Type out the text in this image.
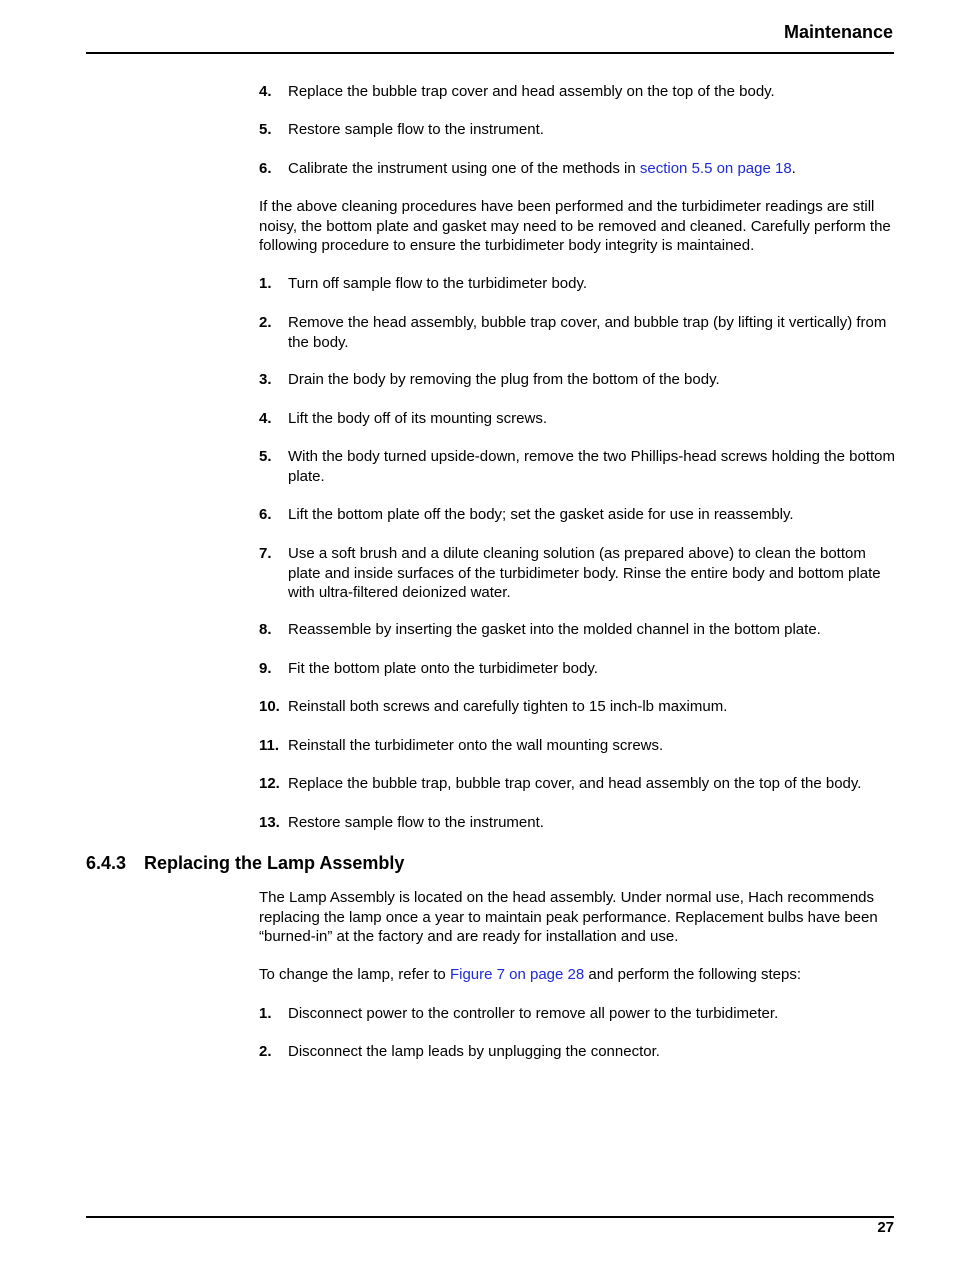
Maintenance
4. Replace the bubble trap cover and head assembly on the top of the body.
5. Restore sample flow to the instrument.
6. Calibrate the instrument using one of the methods in section 5.5 on page 18.
If the above cleaning procedures have been performed and the turbidimeter readings are still noisy, the bottom plate and gasket may need to be removed and cleaned. Carefully perform the following procedure to ensure the turbidimeter body integrity is maintained.
1. Turn off sample flow to the turbidimeter body.
2. Remove the head assembly, bubble trap cover, and bubble trap (by lifting it vertically) from the body.
3. Drain the body by removing the plug from the bottom of the body.
4. Lift the body off of its mounting screws.
5. With the body turned upside-down, remove the two Phillips-head screws holding the bottom plate.
6. Lift the bottom plate off the body; set the gasket aside for use in reassembly.
7. Use a soft brush and a dilute cleaning solution (as prepared above) to clean the bottom plate and inside surfaces of the turbidimeter body. Rinse the entire body and bottom plate with ultra-filtered deionized water.
8. Reassemble by inserting the gasket into the molded channel in the bottom plate.
9. Fit the bottom plate onto the turbidimeter body.
10. Reinstall both screws and carefully tighten to 15 inch-lb maximum.
11. Reinstall the turbidimeter onto the wall mounting screws.
12. Replace the bubble trap, bubble trap cover, and head assembly on the top of the body.
13. Restore sample flow to the instrument.
The Lamp Assembly is located on the head assembly. Under normal use, Hach recommends replacing the lamp once a year to maintain peak performance. Replacement bulbs have been “burned-in” at the factory and are ready for installation and use.
To change the lamp, refer to Figure 7 on page 28 and perform the following steps:
1. Disconnect power to the controller to remove all power to the turbidimeter.
2. Disconnect the lamp leads by unplugging the connector.
6.4.3 Replacing the Lamp Assembly
27
